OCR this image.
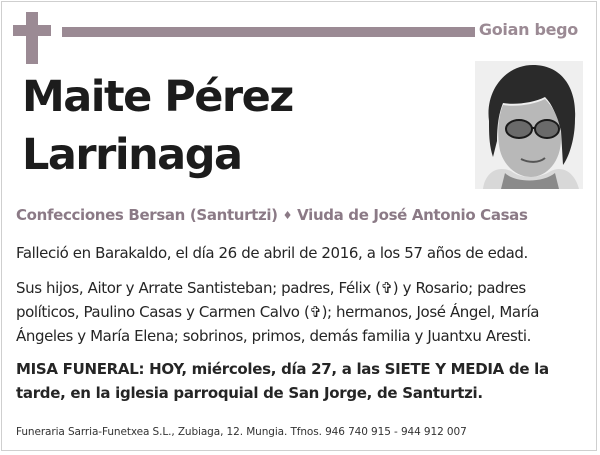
Goian bego
Maite Pérez Larrinaga
Confecciones Bersan (Santurtzi) ♦ Viuda de José Antonio Casas
Falleció en Barakaldo, el día 26 de abril de 2016, a los 57 años de edad.
Sus hijos, Aitor y Arrate Santisteban; padres, Félix (✞) y Rosario; padres políticos, Paulino Casas y Carmen Calvo (✞); hermanos, José Ángel, María Ángeles y María Elena; sobrinos, primos, demás familia y Juantxu Aresti.
MISA FUNERAL: HOY, miércoles, día 27, a las SIETE Y MEDIA de la tarde, en la iglesia parroquial de San Jorge, de Santurtzi.
Funeraria Sarria-Funetxea S.L., Zubiaga, 12. Mungia. Tfnos. 946 740 915 - 944 912 007
